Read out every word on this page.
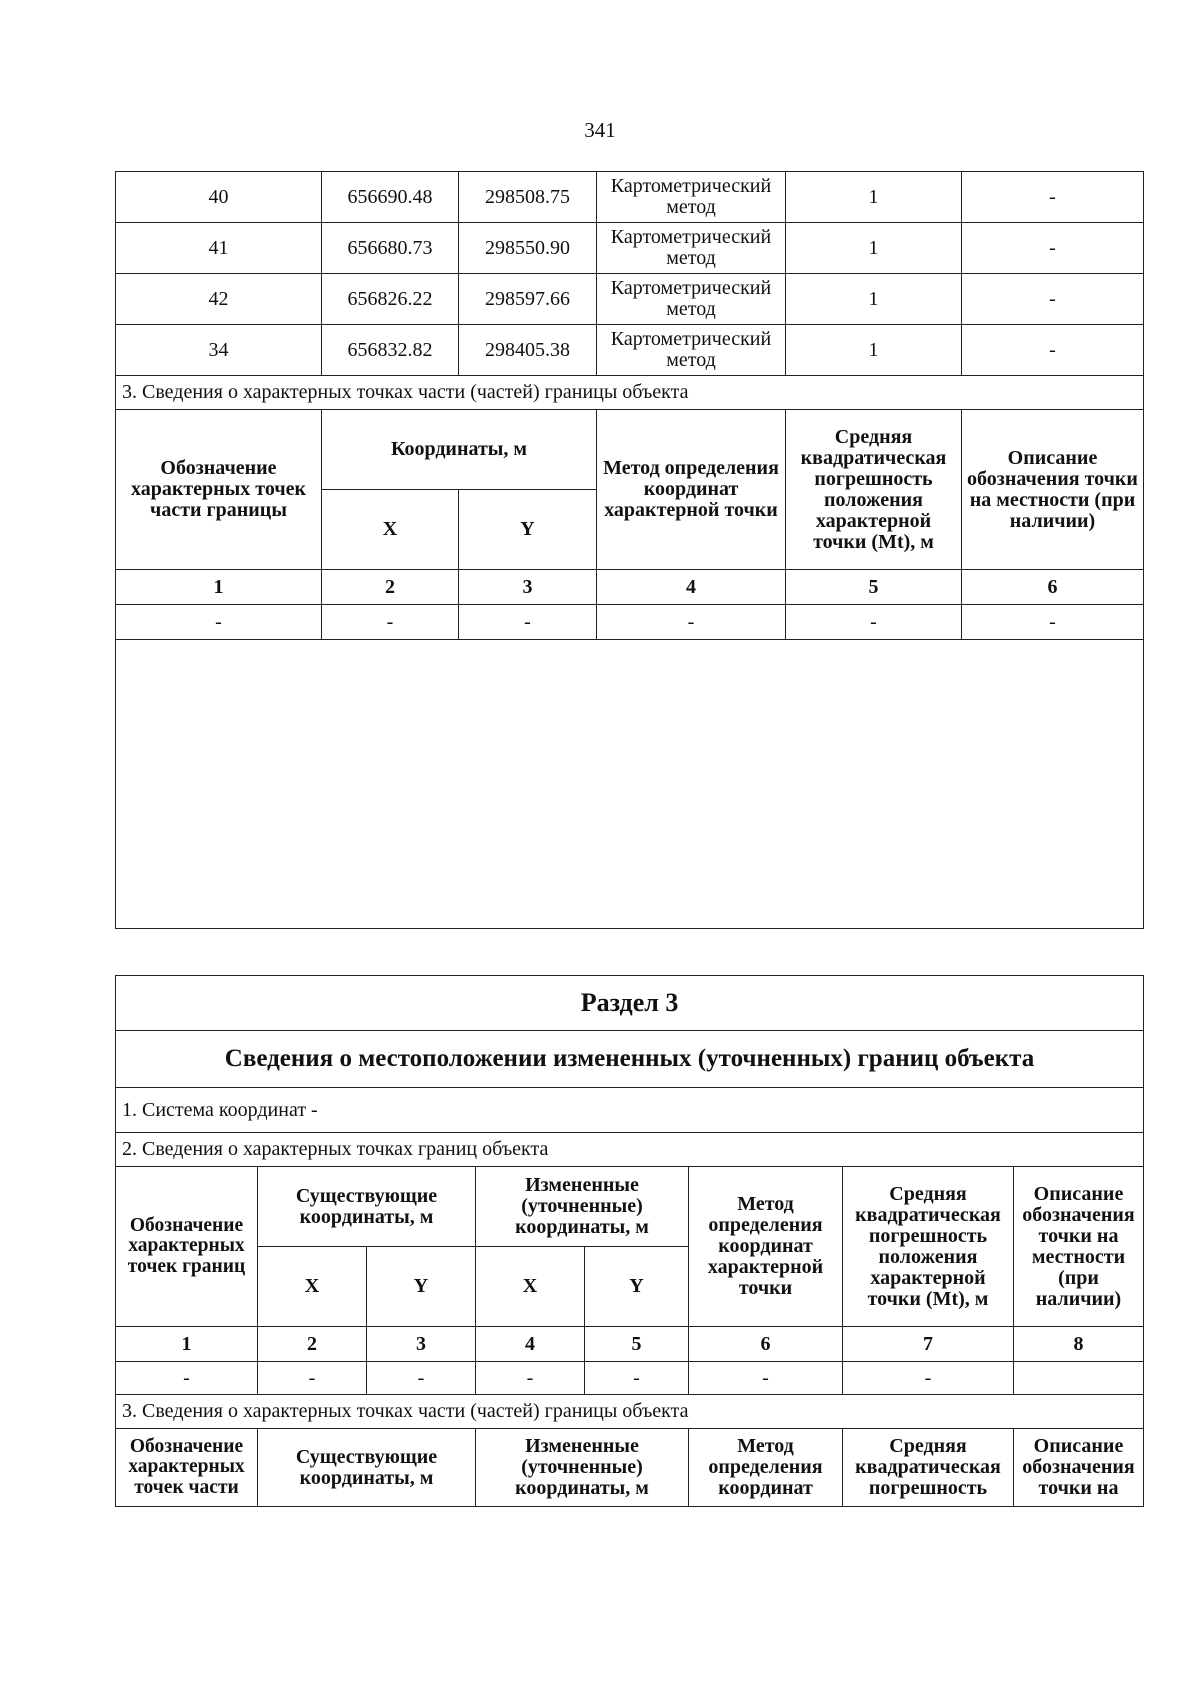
341
40	656690.48	298508.75	Картометрический метод	1	-
41	656680.73	298550.90	Картометрический метод	1	-
42	656826.22	298597.66	Картометрический метод	1	-
34	656832.82	298405.38	Картометрический метод	1	-
3. Сведения о характерных точках части (частей) границы объекта					
Обозначение характерных точек части границы	Координаты, м		Метод определения координат характерной точки	Средняя квадратическая погрешность положения характерной точки (Mt), м	Описание обозначения точки на местности (при наличии)
	X	Y			
1	2	3	4	5	6
-	-	-	-	-	-

Раздел 3							
Сведения о местоположении измененных (уточненных) границ объекта							
1. Система координат -							
2. Сведения о характерных точках границ объекта							
Обозначение характерных точек границ	Существующие координаты, м		Измененные (уточненные) координаты, м		Метод определения координат характерной точки	Средняя квадратическая погрешность положения характерной точки (Mt), м	Описание обозначения точки на местности (при наличии)
	X	Y	X	Y			
1	2	3	4	5	6	7	8
-	-	-	-	-	-	-	
3. Сведения о характерных точках части (частей) границы объекта							
Обозначение характерных точек части	Существующие координаты, м		Измененные (уточненные) координаты, м		Метод определения координат	Средняя квадратическая погрешность	Описание обозначения точки на
